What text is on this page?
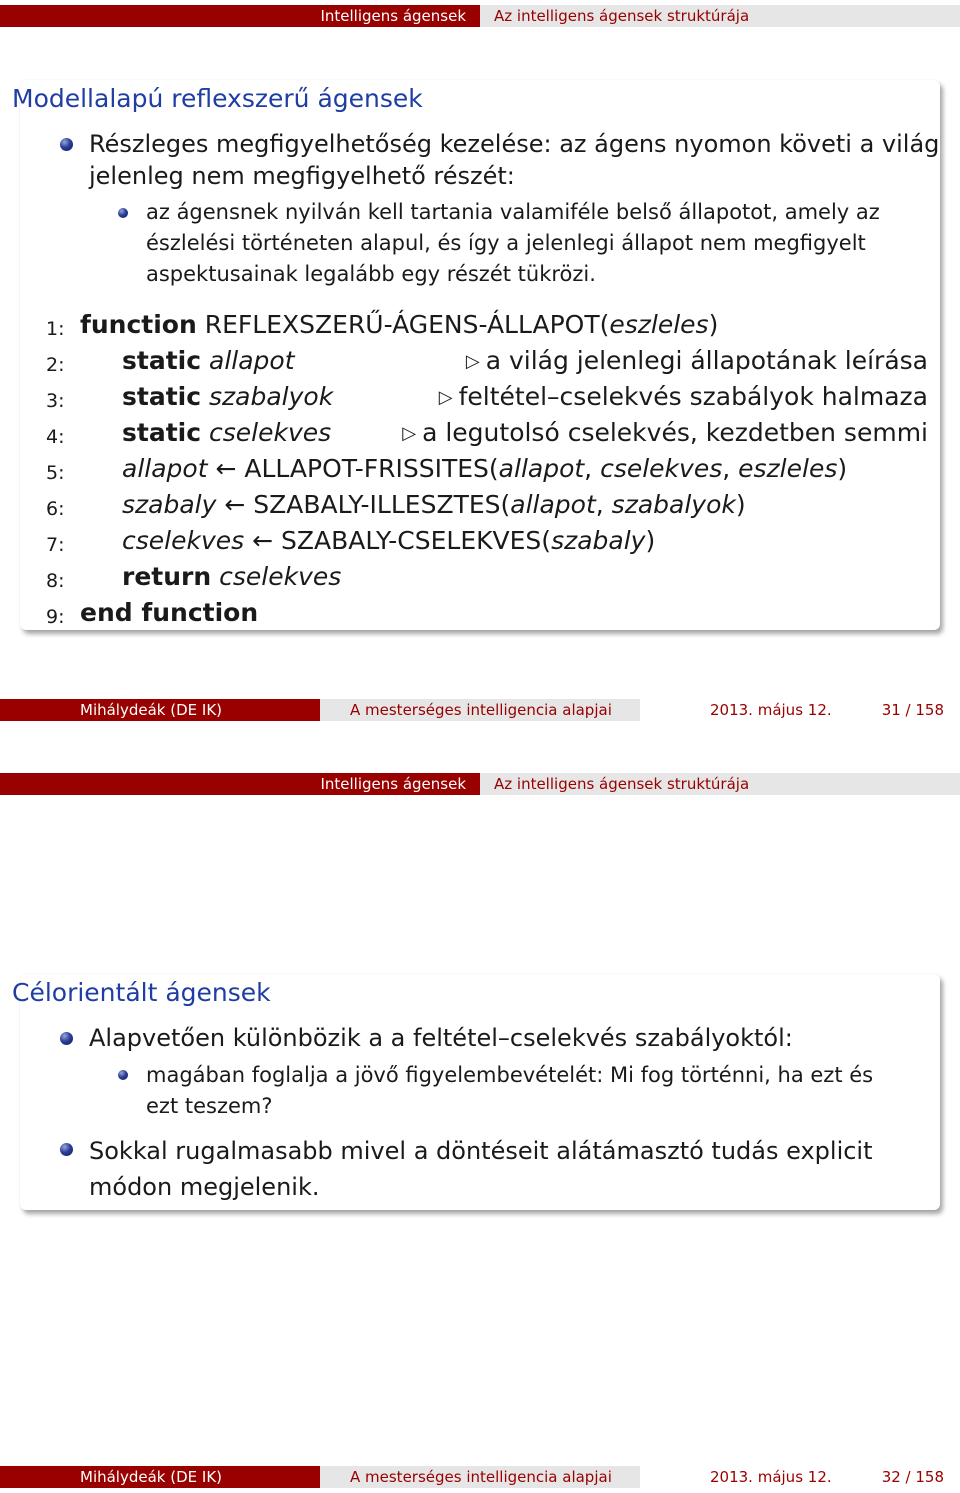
Intelligens ágensek	Az intelligens ágensek struktúrája
Modellalapú reflexszerű ágensek
Részleges megfigyelhetőség kezelése: az ágens nyomon követi a világ
jelenleg nem megfigyelhető részét:
az ágensnek nyilván kell tartania valamiféle belső állapotot, amely az
észlelési történeten alapul, és így a jelenlegi állapot nem megfigyelt
aspektusainak legalább egy részét tükrözi.
1: function REFLEXSZERŰ-ÁGENS-ÁLLAPOT(eszleles)
2: static allapot	▷ a világ jelenlegi állapotának leírása
3: static szabalyok	▷ feltétel–cselekvés szabályok halmaza
4: static cselekves	▷ a legutolsó cselekvés, kezdetben semmi
5: allapot ← ALLAPOT-FRISSITES(allapot, cselekves, eszleles)
6: szabaly ← SZABALY-ILLESZTES(allapot, szabalyok)
7: cselekves ← SZABALY-CSELEKVES(szabaly)
8: return cselekves
9: end function
Mihálydeák (DE IK)	A mesterséges intelligencia alapjai	2013. május 12.	31 / 158
Intelligens ágensek	Az intelligens ágensek struktúrája
Célorientált ágensek
Alapvetően különbözik a a feltétel–cselekvés szabályoktól:
magában foglalja a jövő figyelembevételét: Mi fog történni, ha ezt és
ezt teszem?
Sokkal rugalmasabb mivel a döntéseit alátámasztó tudás explicit
módon megjelenik.
Mihálydeák (DE IK)	A mesterséges intelligencia alapjai	2013. május 12.	32 / 158
